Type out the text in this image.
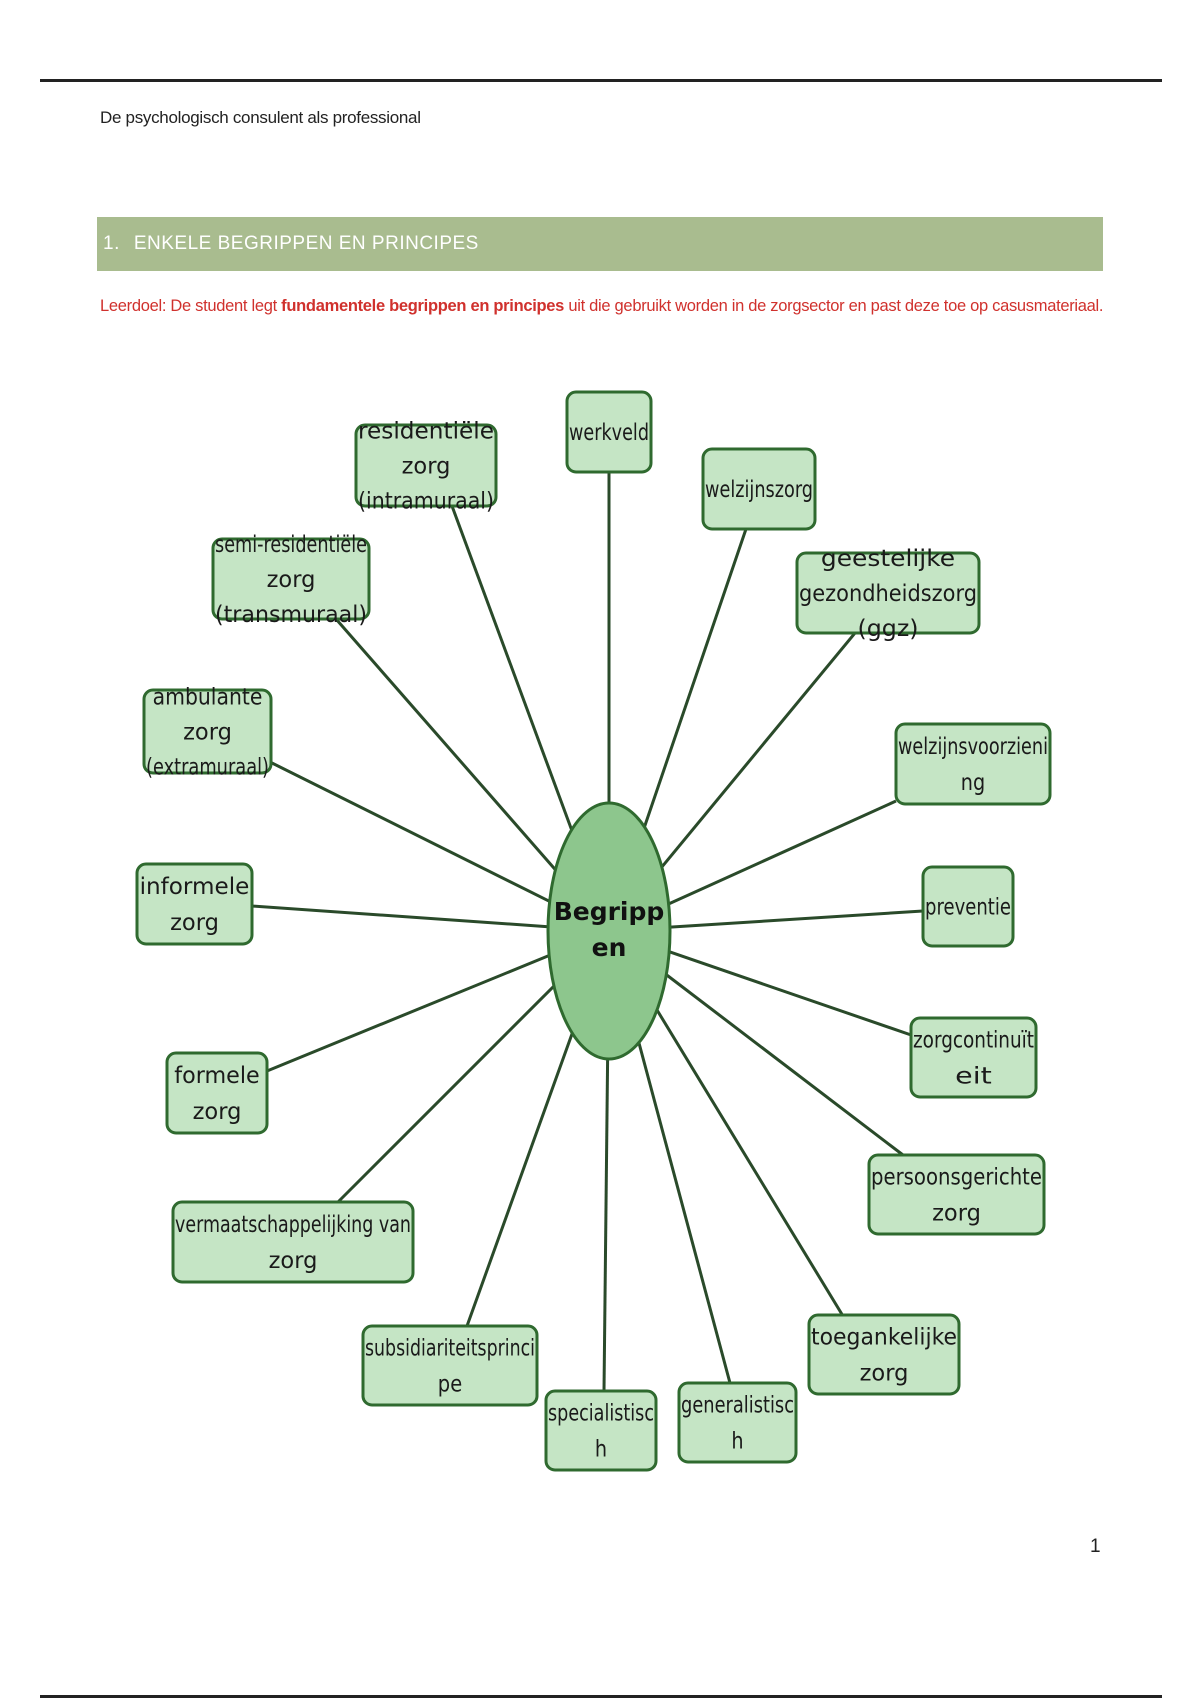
De psychologisch consulent als professional
1. ENKELE BEGRIPPEN EN PRINCIPES
Leerdoel: De student legt fundamentele begrippen en principes uit die gebruikt worden in de zorgsector en past deze toe op casusmateriaal.
werkveld
welzijnszorg
geestelijke
gezondheidszorg
(ggz)
welzijnsvoorzieni
ng
preventie
zorgcontinuït
eit
persoonsgerichte
zorg
toegankelijke
zorg
generalistisc
h
specialistisc
h
subsidiariteitsprinci
pe
vermaatschappelijking van
zorg
formele
zorg
informele
zorg
ambulante
zorg
(extramuraal)
semi-residentiële
zorg
(transmuraal)
residentiële
zorg
(intramuraal)
Begripp
en
1
